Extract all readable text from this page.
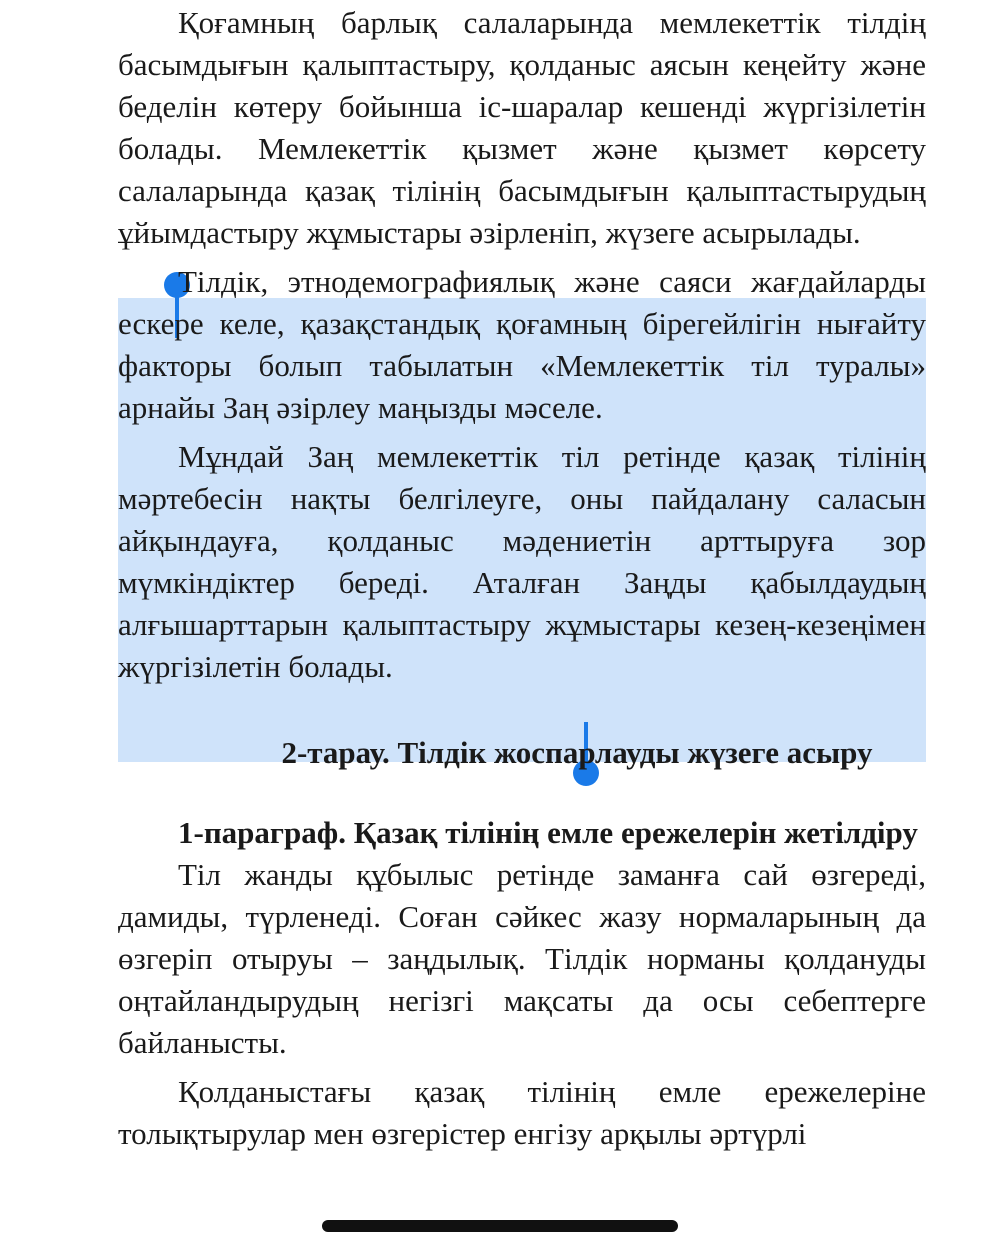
Қоғамның барлық салаларында мемлекеттік тілдің басымдығын қалыптастыру, қолданыс аясын кеңейту және беделін көтеру бойынша іс-шаралар кешенді жүргізілетін болады. Мемлекеттік қызмет және қызмет көрсету салаларында қазақ тілінің басымдығын қалыптастырудың ұйымдастыру жұмыстары әзірленіп, жүзеге асырылады.

Тілдік, этнодемографиялық және саяси жағдайларды ескере келе, қазақстандық қоғамның бірегейлігін нығайту факторы болып табылатын «Мемлекеттік тіл туралы» арнайы Заң әзірлеу маңызды мәселе.

Мұндай Заң мемлекеттік тіл ретінде қазақ тілінің мәртебесін нақты белгілеуге, оны пайдалану саласын айқындауға, қолданыс мәдениетін арттыруға зор мүмкіндіктер береді. Аталған Заңды қабылдаудың алғышарттарын қалыптастыру жұмыстары кезең-кезеңімен жүргізілетін болады.

2-тарау. Тілдік жоспарлауды жүзеге асыру

1-параграф. Қазақ тілінің емле ережелерін жетілдіру

Тіл жанды құбылыс ретінде заманға сай өзгереді, дамиды, түрленеді. Соған сәйкес жазу нормаларының да өзгеріп отыруы – заңдылық. Тілдік норманы қолдануды оңтайландырудың негізгі мақсаты да осы себептерге байланысты.

Қолданыстағы қазақ тілінің емле ережелеріне толықтырулар мен өзгерістер енгізу арқылы әртүрлі
